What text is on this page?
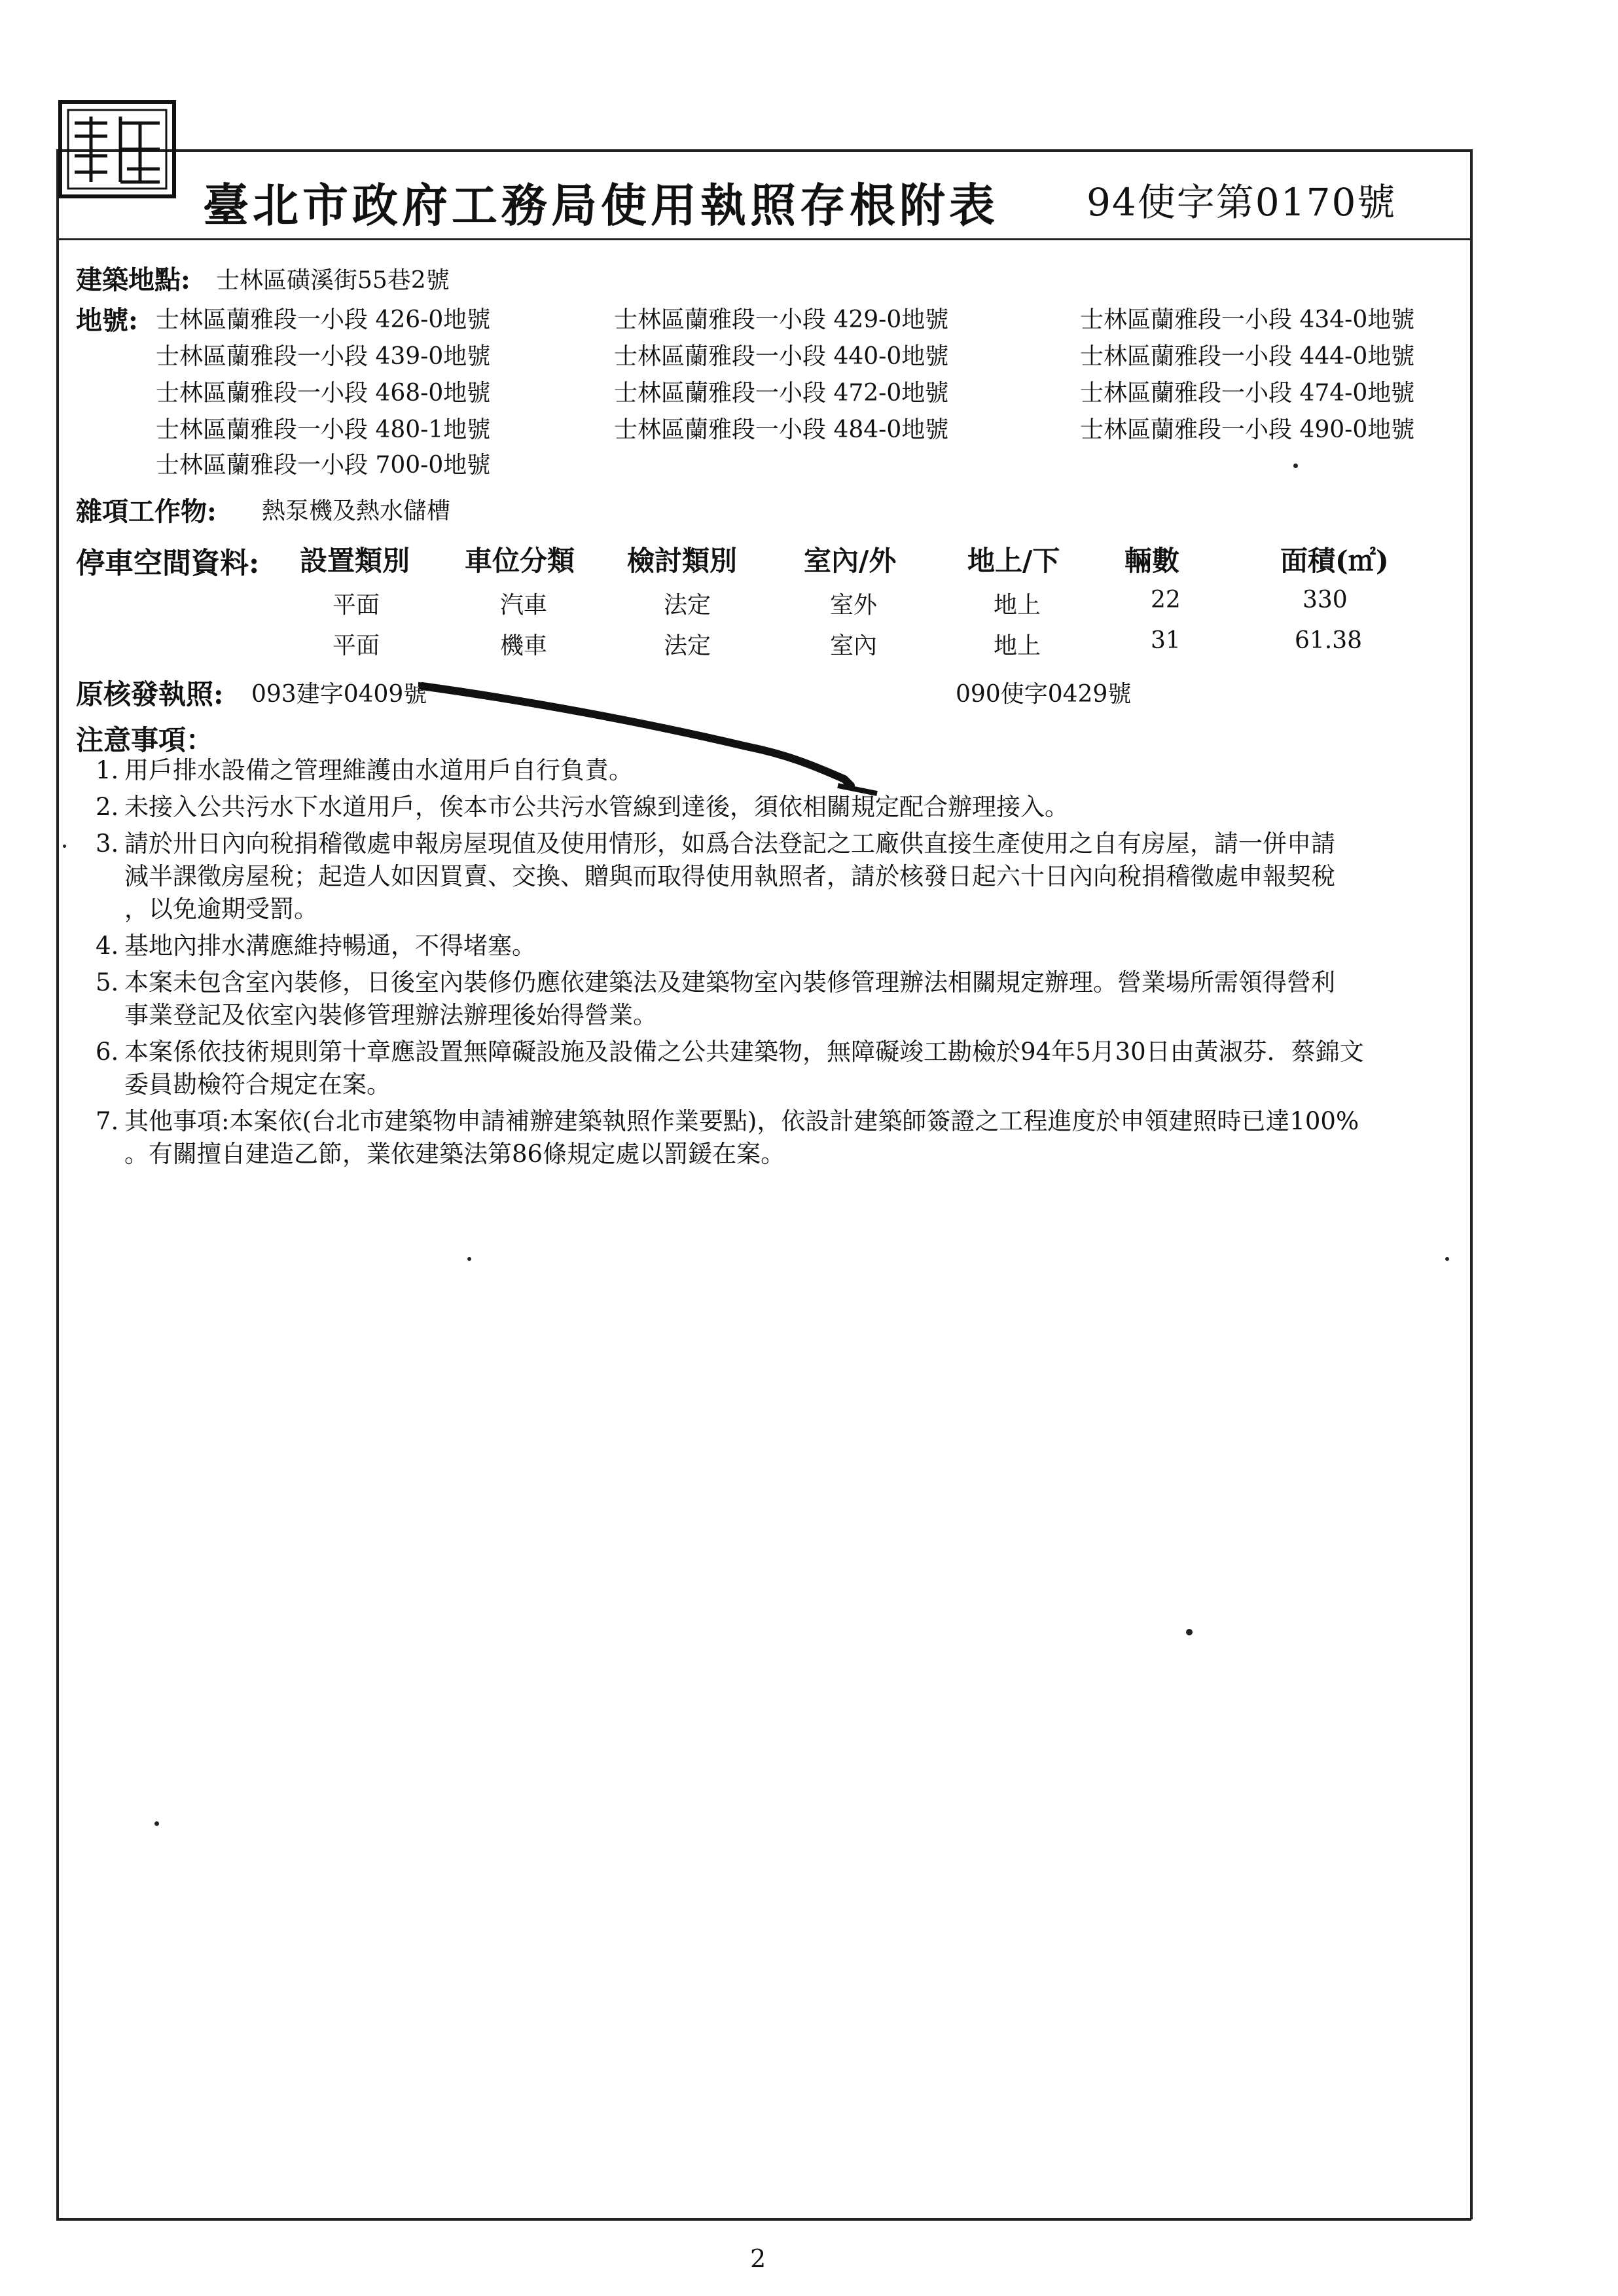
臺北市政府工務局使用執照存根附表 94使字第0170號
建築地點: 士林區磺溪街55巷2號
地號: 士林區蘭雅段一小段 426-0地號	士林區蘭雅段一小段 429-0地號	士林區蘭雅段一小段 434-0地號
士林區蘭雅段一小段 439-0地號	士林區蘭雅段一小段 440-0地號	士林區蘭雅段一小段 444-0地號
士林區蘭雅段一小段 468-0地號	士林區蘭雅段一小段 472-0地號	士林區蘭雅段一小段 474-0地號
士林區蘭雅段一小段 480-1地號	士林區蘭雅段一小段 484-0地號	士林區蘭雅段一小段 490-0地號
士林區蘭雅段一小段 700-0地號
雜項工作物: 熱泵機及熱水儲槽
停車空間資料: 設置類別 車位分類 檢討類別 室內/外	地上/下 輛數	面積(㎡)
平面	汽車	法定	室外	地上	22	330
平面	機車	法定	室內	地上	31	61.38
原核發執照: 093建字0409號	090使字0429號
注意事項：
1. 用戶排水設備之管理維護由水道用戶自行負責。
2. 未接入公共污水下水道用戶，俟本市公共污水管線到達後，須依相關規定配合辦理接入。
3. 請於卅日內向稅捐稽徵處申報房屋現值及使用情形，如爲合法登記之工廠供直接生產使用之自有房屋，請一併申請
減半課徵房屋稅；起造人如因買賣、交換、贈與而取得使用執照者，請於核發日起六十日內向稅捐稽徵處申報契稅
，以免逾期受罰。
4. 基地內排水溝應維持暢通，不得堵塞。
5. 本案未包含室內裝修，日後室內裝修仍應依建築法及建築物室內裝修管理辦法相關規定辦理。營業場所需領得營利
事業登記及依室內裝修管理辦法辦理後始得營業。
6. 本案係依技術規則第十章應設置無障礙設施及設備之公共建築物，無障礙竣工勘檢於94年5月30日由黃淑芬．蔡錦文
委員勘檢符合規定在案。
7. 其他事項:本案依(台北市建築物申請補辦建築執照作業要點)，依設計建築師簽證之工程進度於申領建照時已達100%
。有關擅自建造乙節，業依建築法第86條規定處以罰鍰在案。
2
